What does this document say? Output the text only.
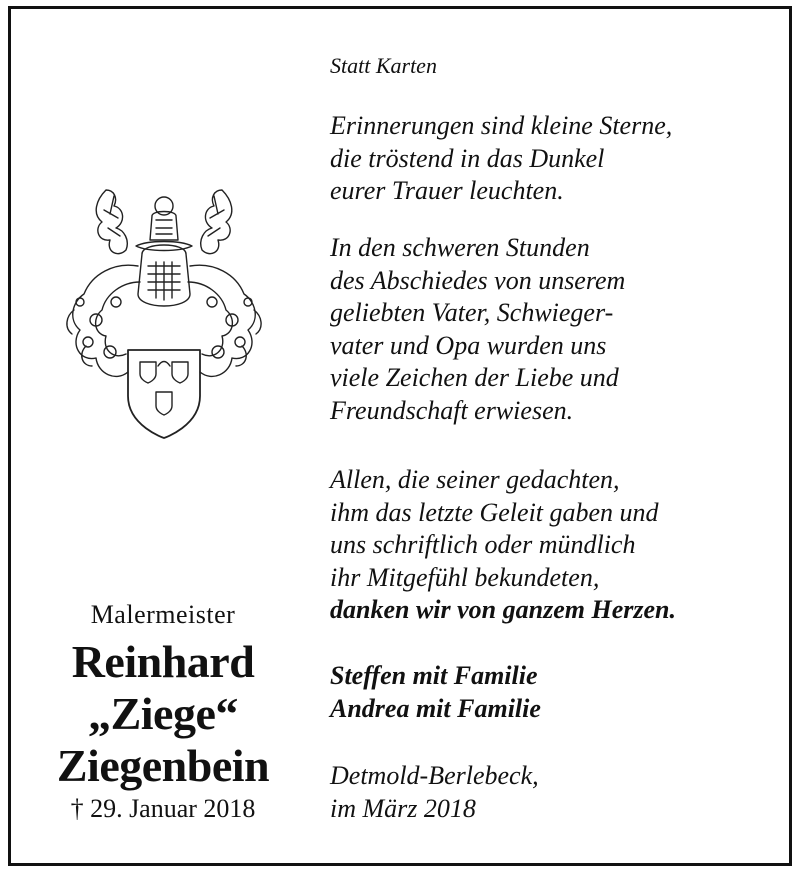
Malermeister
Reinhard
„Ziege“
Ziegenbein
† 29. Januar 2018
Statt Karten
Erinnerungen sind kleine Sterne,
die tröstend in das Dunkel
eurer Trauer leuchten.
In den schweren Stunden
des Abschiedes von unserem
geliebten Vater, Schwieger-
vater und Opa wurden uns
viele Zeichen der Liebe und
Freundschaft erwiesen.
Allen, die seiner gedachten,
ihm das letzte Geleit gaben und
uns schriftlich oder mündlich
ihr Mitgefühl bekundeten,
danken wir von ganzem Herzen.
Steffen mit Familie
Andrea mit Familie
Detmold-Berlebeck,
im März 2018
